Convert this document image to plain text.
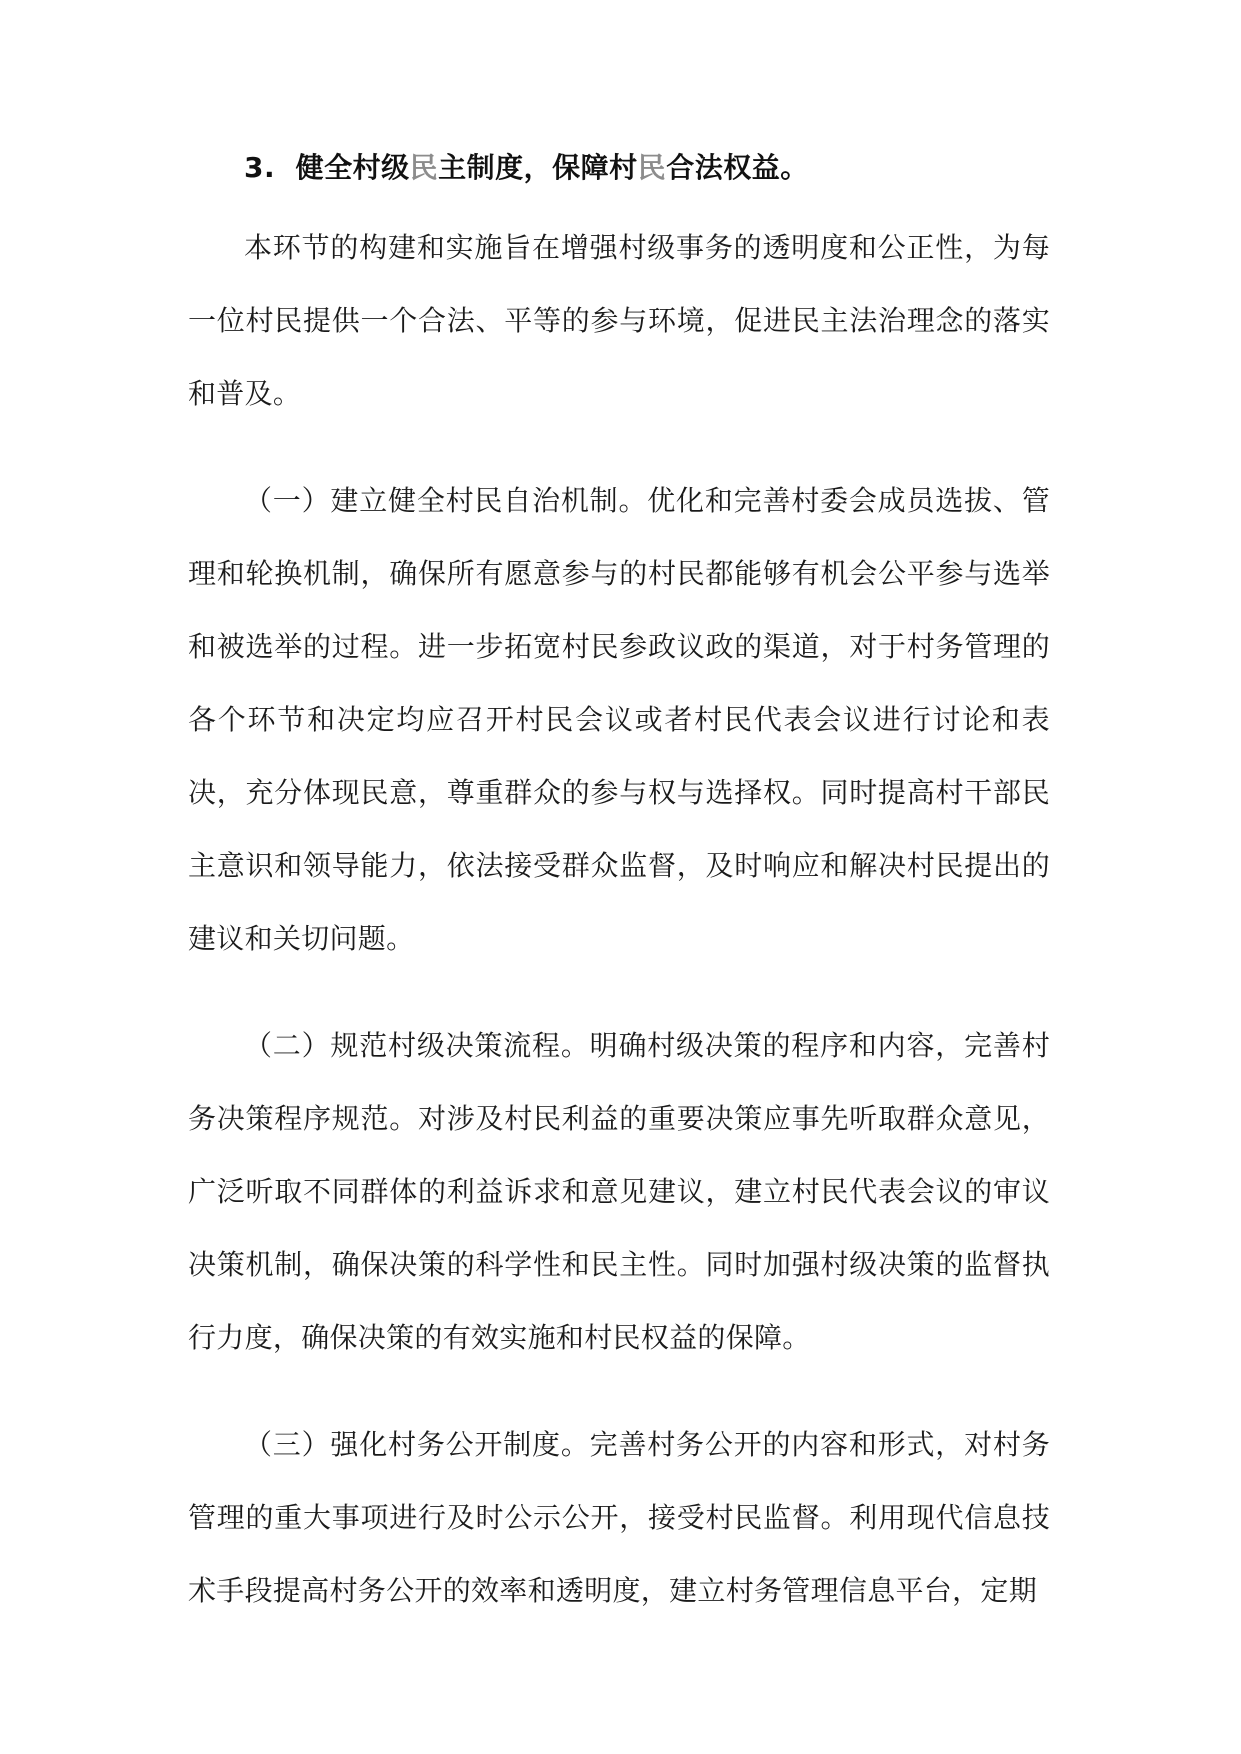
3. 健全村级民主制度，保障村民合法权益。

本环节的构建和实施旨在增强村级事务的透明度和公正性，为每一位村民提供一个合法、平等的参与环境，促进民主法治理念的落实和普及。

（一）建立健全村民自治机制。优化和完善村委会成员选拔、管理和轮换机制，确保所有愿意参与的村民都能够有机会公平参与选举和被选举的过程。进一步拓宽村民参政议政的渠道，对于村务管理的各个环节和决定均应召开村民会议或者村民代表会议进行讨论和表决，充分体现民意，尊重群众的参与权与选择权。同时提高村干部民主意识和领导能力，依法接受群众监督，及时响应和解决村民提出的建议和关切问题。

（二）规范村级决策流程。明确村级决策的程序和内容，完善村务决策程序规范。对涉及村民利益的重要决策应事先听取群众意见，广泛听取不同群体的利益诉求和意见建议，建立村民代表会议的审议决策机制，确保决策的科学性和民主性。同时加强村级决策的监督执行力度，确保决策的有效实施和村民权益的保障。

（三）强化村务公开制度。完善村务公开的内容和形式，对村务管理的重大事项进行及时公示公开，接受村民监督。利用现代信息技术手段提高村务公开的效率和透明度，建立村务管理信息平台，定期
